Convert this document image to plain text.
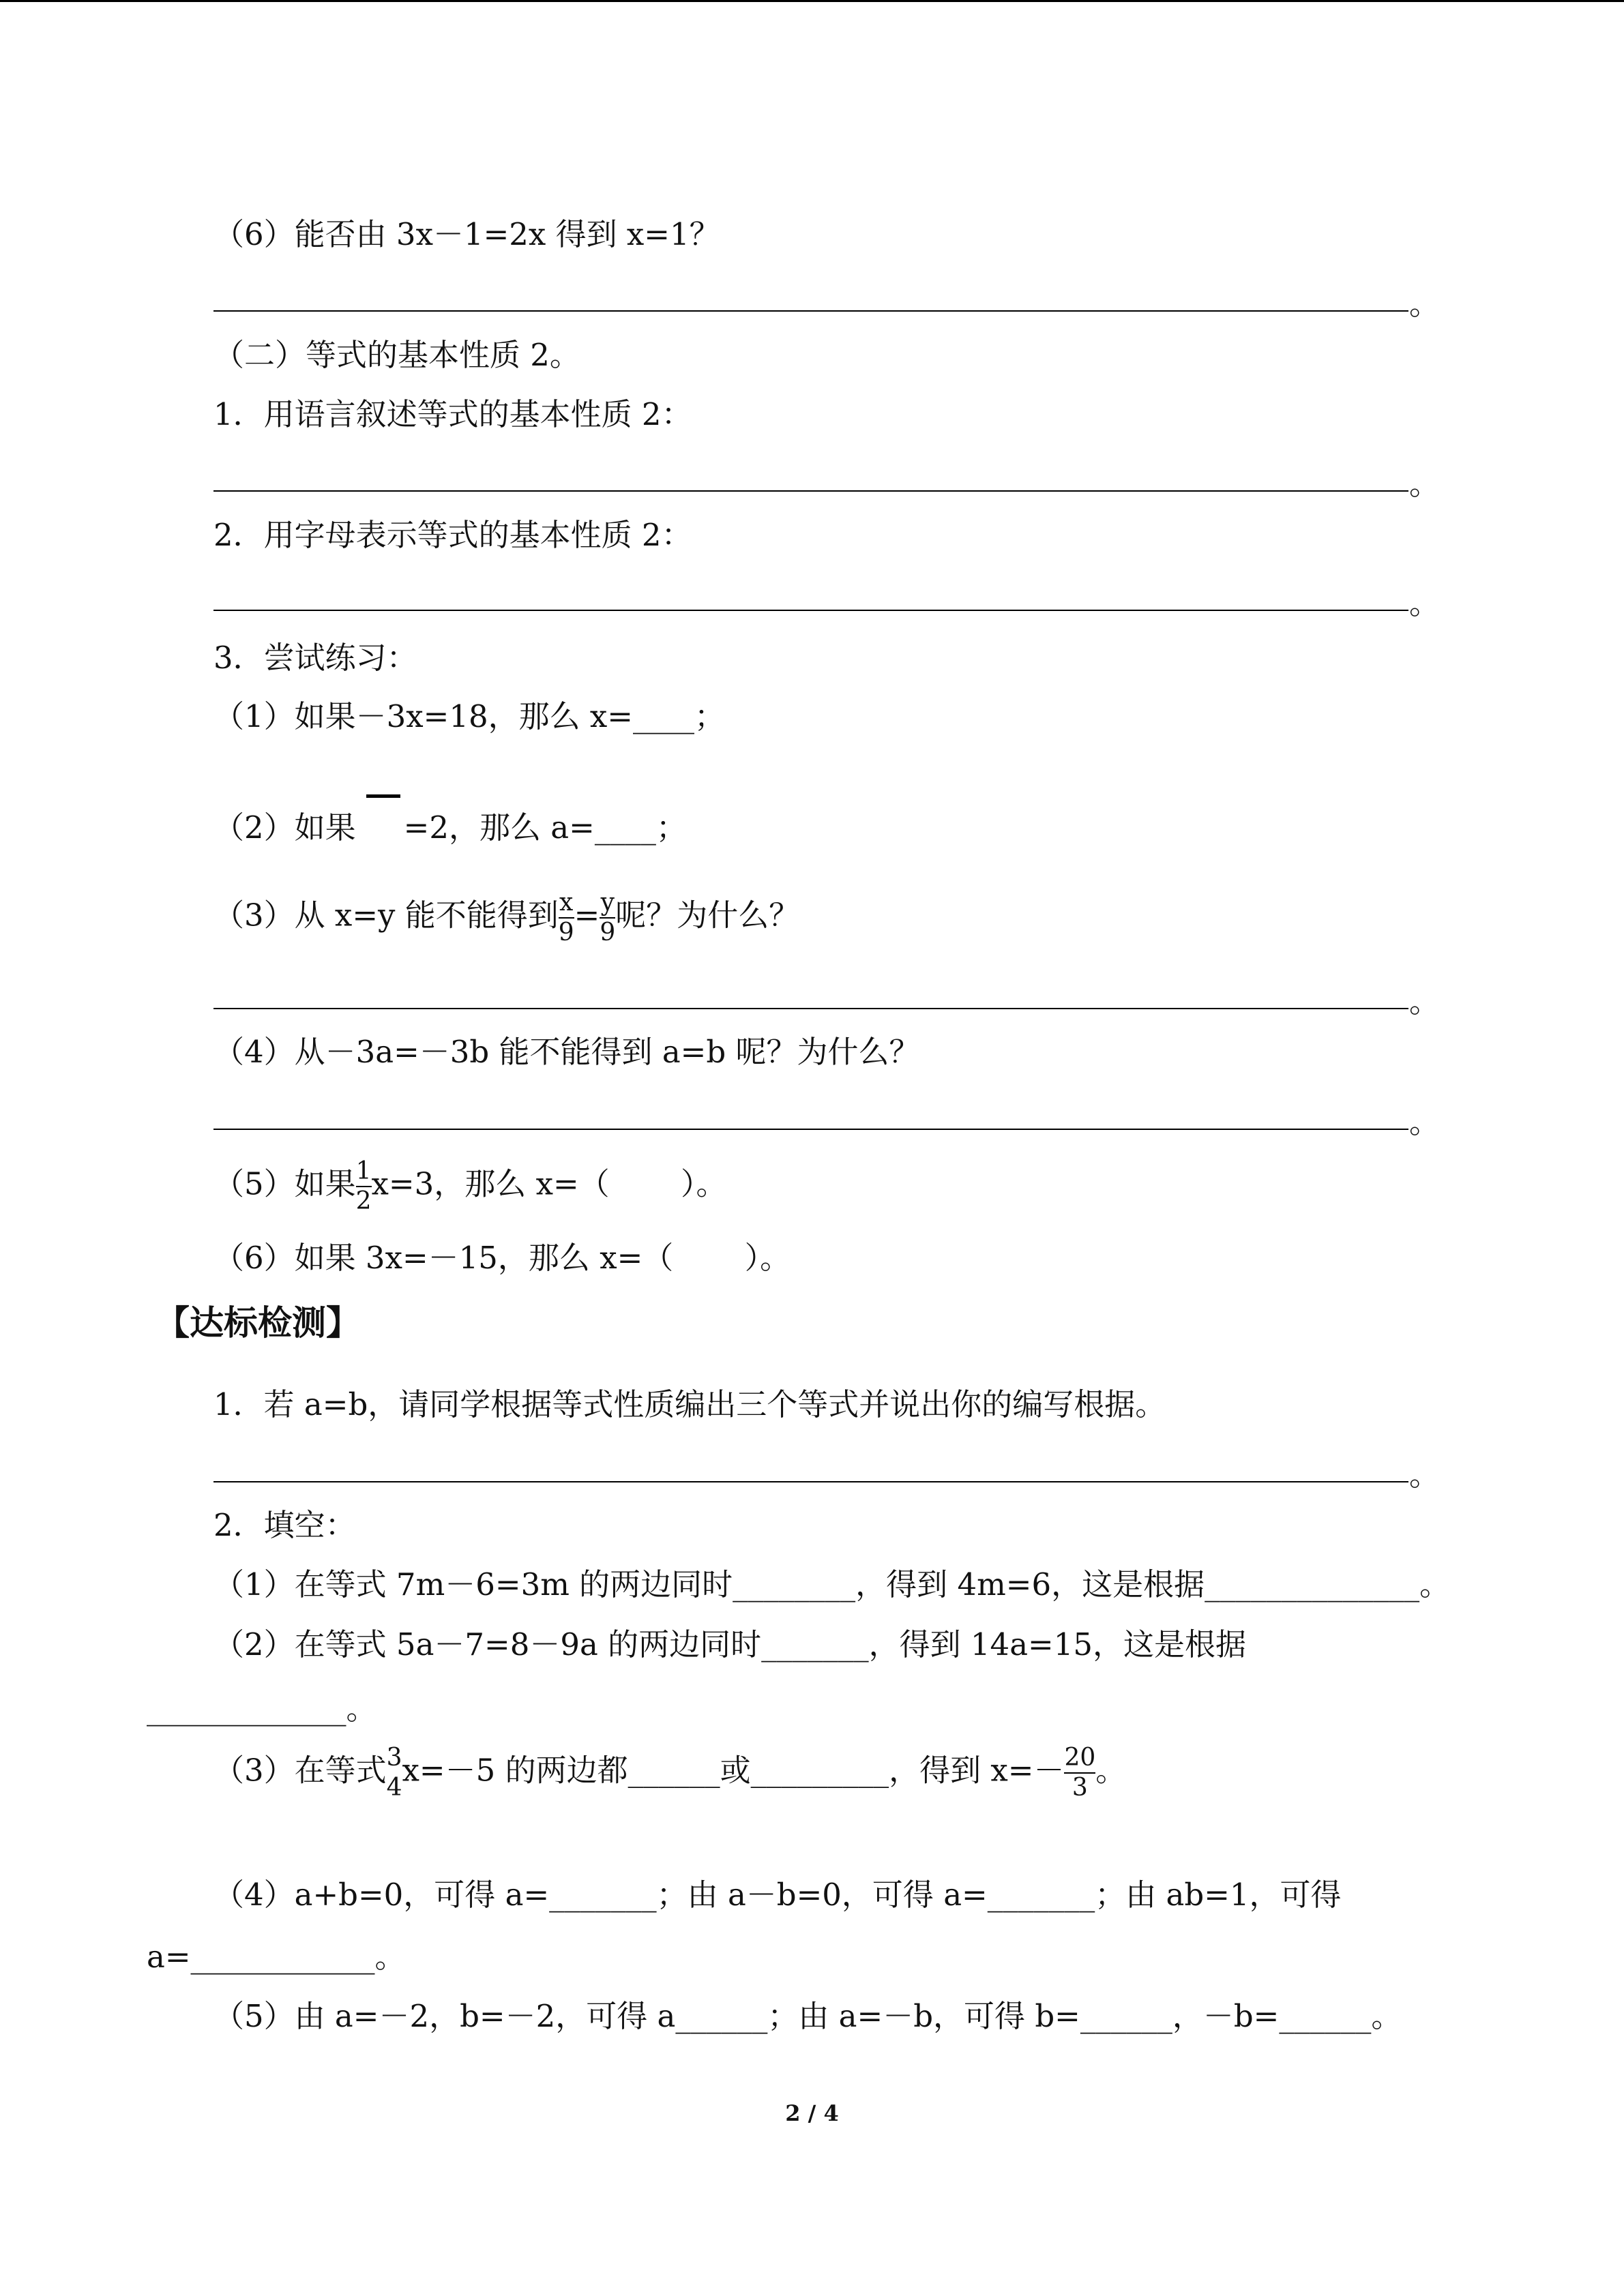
（6）能否由 3x－1=2x 得到 x=1？
。
（二）等式的基本性质 2。
1．用语言叙述等式的基本性质 2：
。
2．用字母表示等式的基本性质 2：
。
3．尝试练习：
（1）如果－3x=18，那么 x=____；
（2）如果 =2，那么 a=____；
（3）从 x=y 能不能得到 $\frac{x}{9} = \frac{y}{9}$ 呢？为什么？
。
（4）从－3a=－3b 能不能得到 a=b 呢？为什么？
。
（5）如果 $\frac{1}{2} x=3$，那么 x=（　　 ）。
（6）如果 3x=－15，那么 x=（　　 ）。
【达标检测】
1．若 a=b，请同学根据等式性质编出三个等式并说出你的编写根据。
。
2．填空：
（1）在等式 7m－6=3m 的两边同时________，得到 4m=6，这是根据______________。
（2）在等式 5a－7=8－9a 的两边同时_______，得到 14a=15，这是根据
_____________。
（3）在等式 3
4 x=－5 的两边都______或_________，得到 $x=- \frac{20}{3}$ 。
（4）a+b=0，可得 a=_______；由 a－b=0，可得 a=_______；由 ab=1，可得
a=____________。
（5）由 a=－2，b=－2，可得 a______；由 a=－b，可得 b=______，－b=______。
2 / 4
